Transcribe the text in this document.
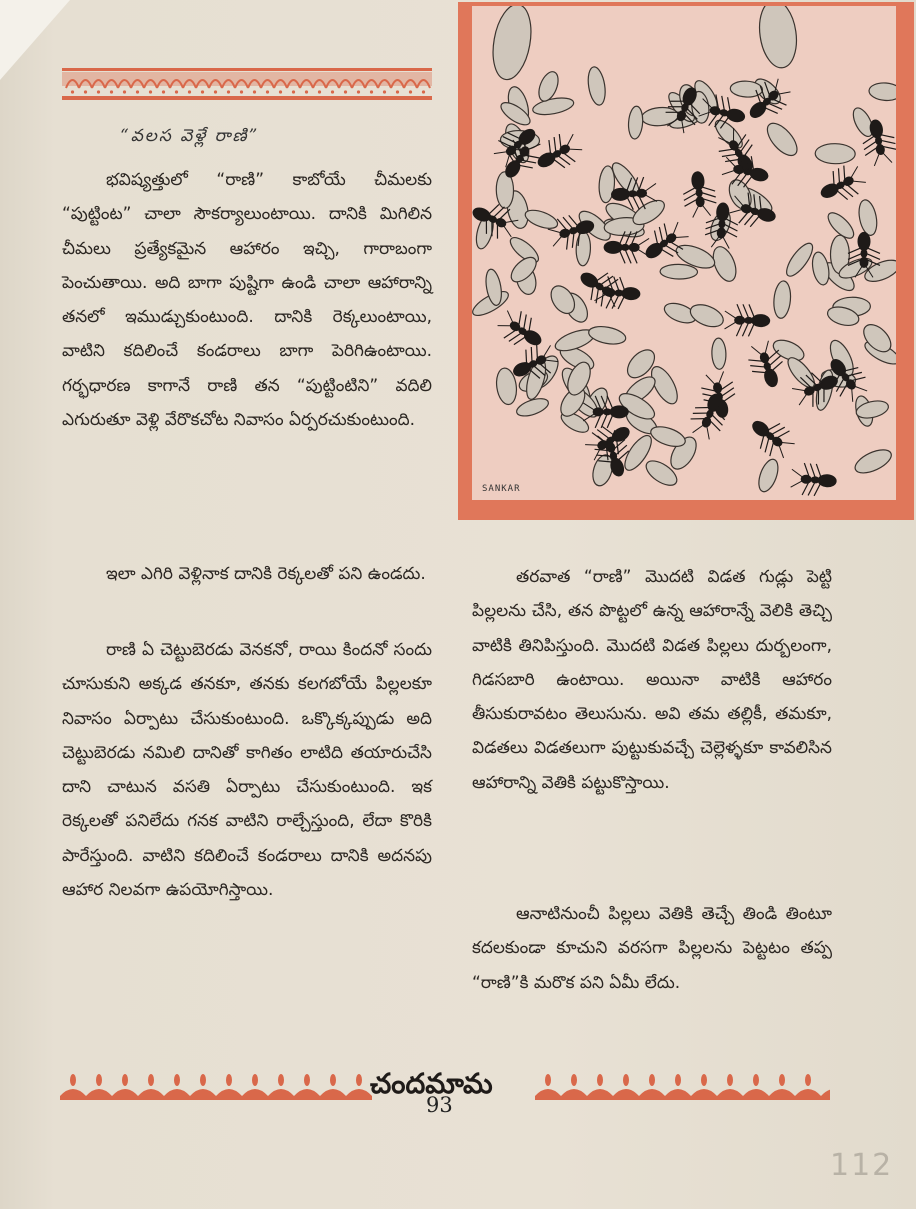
“వలస వెళ్లే రాణి”

భవిష్యత్తులో “రాణి” కాబోయే చీమలకు “పుట్టింట” చాలా సౌకర్యాలుంటాయి. దానికి మిగిలిన చీమలు ప్రత్యేకమైన ఆహారం ఇచ్చి, గారాబంగా పెంచుతాయి. అది బాగా పుష్టిగా ఉండి చాలా ఆహారాన్ని తనలో ఇముడ్చుకుంటుంది. దానికి రెక్కలుంటాయి, వాటిని కదిలించే కండరాలు బాగా పెరిగిఉంటాయి. గర్భధారణ కాగానే రాణి తన “పుట్టింటిని” వదిలి ఎగురుతూ వెళ్లి వేరొకచోట నివాసం ఏర్పరచుకుంటుంది.

ఇలా ఎగిరి వెళ్లినాక దానికి రెక్కలతో పని ఉండదు.

రాణి ఏ చెట్టుబెరడు వెనకనో, రాయి కిందనో సందు చూసుకుని అక్కడ తనకూ, తనకు కలగబోయే పిల్లలకూ నివాసం ఏర్పాటు చేసుకుంటుంది. ఒక్కొక్కప్పుడు అది చెట్టుబెరడు నమిలి దానితో కాగితం లాటిది తయారుచేసి దాని చాటున వసతి ఏర్పాటు చేసుకుంటుంది. ఇక రెక్కలతో పనిలేదు గనక వాటిని రాల్చేస్తుంది, లేదా కొరికి పారేస్తుంది. వాటిని కదిలించే కండరాలు దానికి అదనపు ఆహార నిలవగా ఉపయోగిస్తాయి.

SANKAR

తరవాత “రాణి” మొదటి విడత గుడ్లు పెట్టి పిల్లలను చేసి, తన పొట్టలో ఉన్న ఆహారాన్నే వెలికి తెచ్చి వాటికి తినిపిస్తుంది. మొదటి విడత పిల్లలు దుర్బలంగా, గిడసబారి ఉంటాయి. అయినా వాటికి ఆహారం తీసుకురావటం తెలుసును. అవి తమ తల్లికీ, తమకూ, విడతలు విడతలుగా పుట్టుకువచ్చే చెల్లెళ్ళకూ కావలిసిన ఆహారాన్ని వెతికి పట్టుకొస్తాయి.

ఆనాటినుంచీ పిల్లలు వెతికి తెచ్చే తిండి తింటూ కదలకుండా కూచుని వరసగా పిల్లలను పెట్టటం తప్ప “రాణి”కి మరొక పని ఏమీ లేదు.

చందమామ
93
112
